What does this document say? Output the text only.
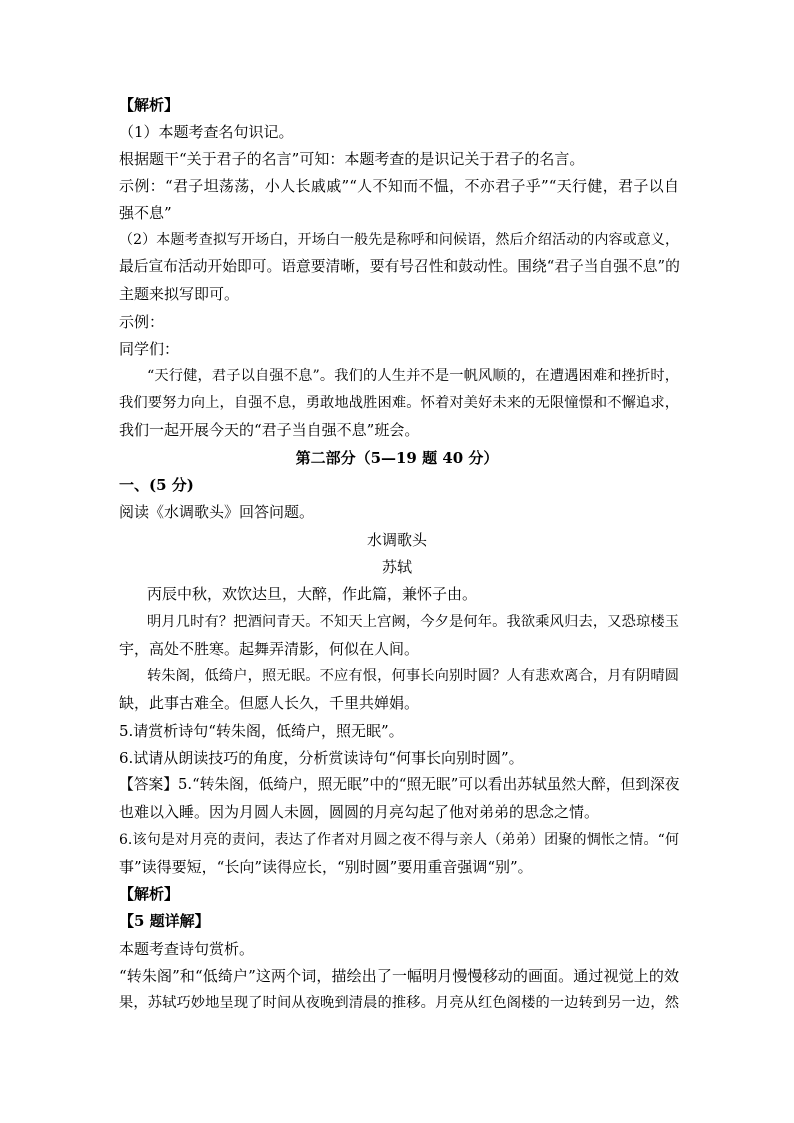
【解析】
（1）本题考查名句识记。
根据题干“关于君子的名言”可知：本题考查的是识记关于君子的名言。
示例：“君子坦荡荡，小人长戚戚”“人不知而不愠，不亦君子乎”“天行健，君子以自
强不息”
（2）本题考查拟写开场白，开场白一般先是称呼和问候语，然后介绍活动的内容或意义，
最后宣布活动开始即可。语意要清晰，要有号召性和鼓动性。围绕“君子当自强不息”的
主题来拟写即可。
示例：
同学们：
“天行健，君子以自强不息”。我们的人生并不是一帆风顺的，在遭遇困难和挫折时，
我们要努力向上，自强不息，勇敢地战胜困难。怀着对美好未来的无限憧憬和不懈追求，
我们一起开展今天的“君子当自强不息”班会。
第二部分（5—19 题 40 分）
一、(5 分)
阅读《水调歌头》回答问题。
水调歌头
苏轼
丙辰中秋，欢饮达旦，大醉，作此篇，兼怀子由。
明月几时有？把酒问青天。不知天上宫阙，今夕是何年。我欲乘风归去，又恐琼楼玉
宇，高处不胜寒。起舞弄清影，何似在人间。
转朱阁，低绮户，照无眠。不应有恨，何事长向别时圆？人有悲欢离合，月有阴晴圆
缺，此事古难全。但愿人长久，千里共婵娟。
5.请赏析诗句“转朱阁，低绮户，照无眠”。
6.试请从朗读技巧的角度，分析赏读诗句“何事长向别时圆”。
【答案】5.“转朱阁，低绮户，照无眠”中的“照无眠”可以看出苏轼虽然大醉，但到深夜
也难以入睡。因为月圆人未圆，圆圆的月亮勾起了他对弟弟的思念之情。
6.该句是对月亮的责问，表达了作者对月圆之夜不得与亲人（弟弟）团聚的惆怅之情。“何
事”读得要短，“长向”读得应长，“别时圆”要用重音强调“别”。
【解析】
【5 题详解】
本题考查诗句赏析。
“转朱阁”和“低绮户”这两个词，描绘出了一幅明月慢慢移动的画面。通过视觉上的效
果，苏轼巧妙地呈现了时间从夜晚到清晨的推移。月亮从红色阁楼的一边转到另一边，然
